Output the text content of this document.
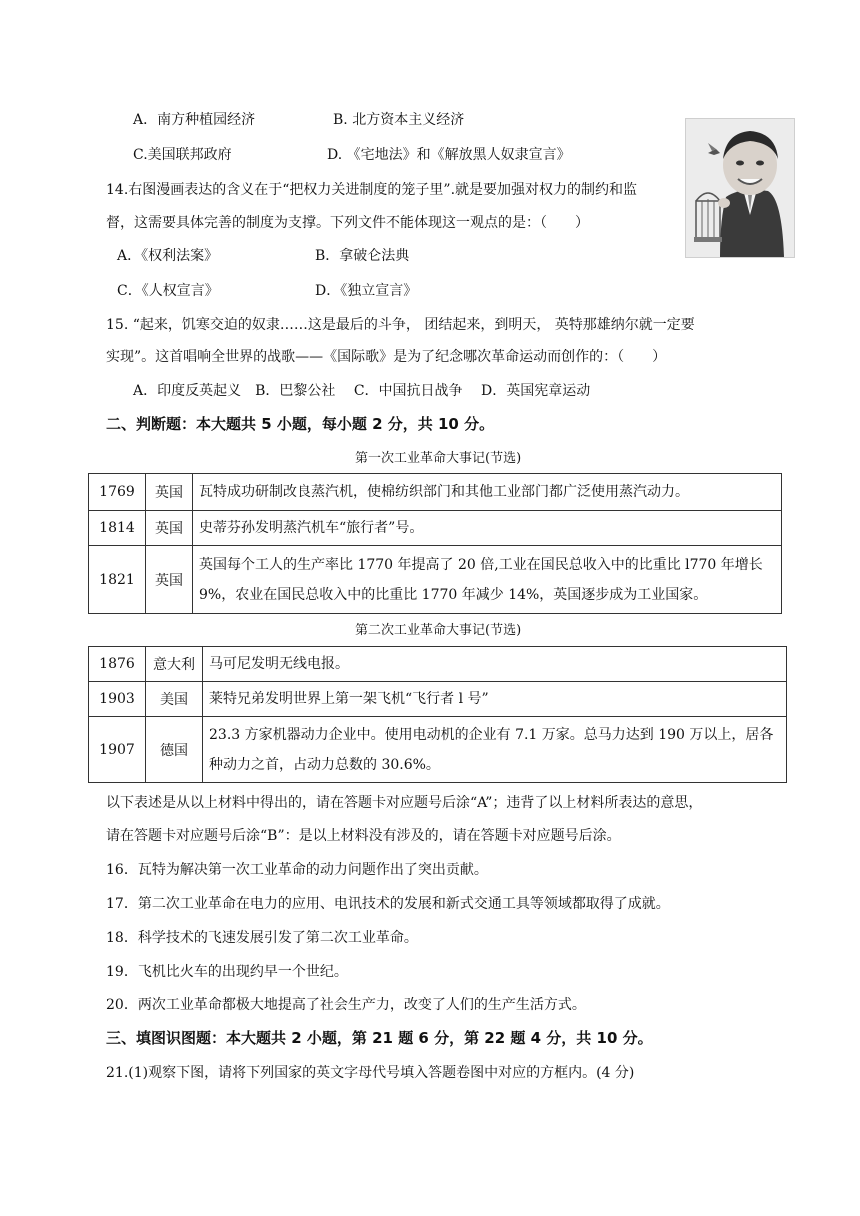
A．南方种植园经济	B. 北方资本主义经济
C.美国联邦政府	D. 《宅地法》和《解放黑人奴隶宣言》
14.右图漫画表达的含义在于“把权力关进制度的笼子里”.就是要加强对权力的制约和监
督，这需要具体完善的制度为支撑。下列文件不能体现这一观点的是：（　　）
A．《权利法案》	B．拿破仑法典
C．《人权宣言》	D．《独立宣言》
15. “起来，饥寒交迫的奴隶……这是最后的斗争， 团结起来，到明天， 英特那雄纳尔就一定要
实现”。这首唱响全世界的战歌——《国际歌》是为了纪念哪次革命运动而创作的：（　　）
A．印度反英起义　B．巴黎公社　 C．中国抗日战争　 D．英国宪章运动
二、判断题：本大题共 5 小题，每小题 2 分，共 10 分。
第一次工业革命大事记(节选)
1769	英国	瓦特成功研制改良蒸汽机，使棉纺织部门和其他工业部门都广泛使用蒸汽动力。
1814	英国	史蒂芬孙发明蒸汽机车“旅行者”号。
1821	英国	英国每个工人的生产率比 1770 年提高了 20 倍,工业在国民总收入中的比重比 l770 年增长 9%，农业在国民总收入中的比重比 1770 年减少 14%，英国逐步成为工业国家。
第二次工业革命大事记(节选)
1876	意大利	马可尼发明无线电报。
1903	美国	莱特兄弟发明世界上第一架飞机“飞行者 l 号”
1907	德国	23.3 方家机器动力企业中。使用电动机的企业有 7.1 万家。总马力达到 190 万以上，居各种动力之首，占动力总数的 30.6%。
以下表述是从以上材料中得出的，请在答题卡对应题号后涂“A”；违背了以上材料所表达的意思，
请在答题卡对应题号后涂“B”：是以上材料没有涉及的，请在答题卡对应题号后涂。
16．瓦特为解决第一次工业革命的动力问题作出了突出贡献。
17．第二次工业革命在电力的应用、电讯技术的发展和新式交通工具等领域都取得了成就。
18．科学技术的飞速发展引发了第二次工业革命。
19．飞机比火车的出现约早一个世纪。
20．两次工业革命都极大地提高了社会生产力，改变了人们的生产生活方式。
三、填图识图题：本大题共 2 小题，第 21 题 6 分，第 22 题 4 分，共 10 分。
21.(1)观察下图，请将下列国家的英文字母代号填入答题卷图中对应的方框内。(4 分)
